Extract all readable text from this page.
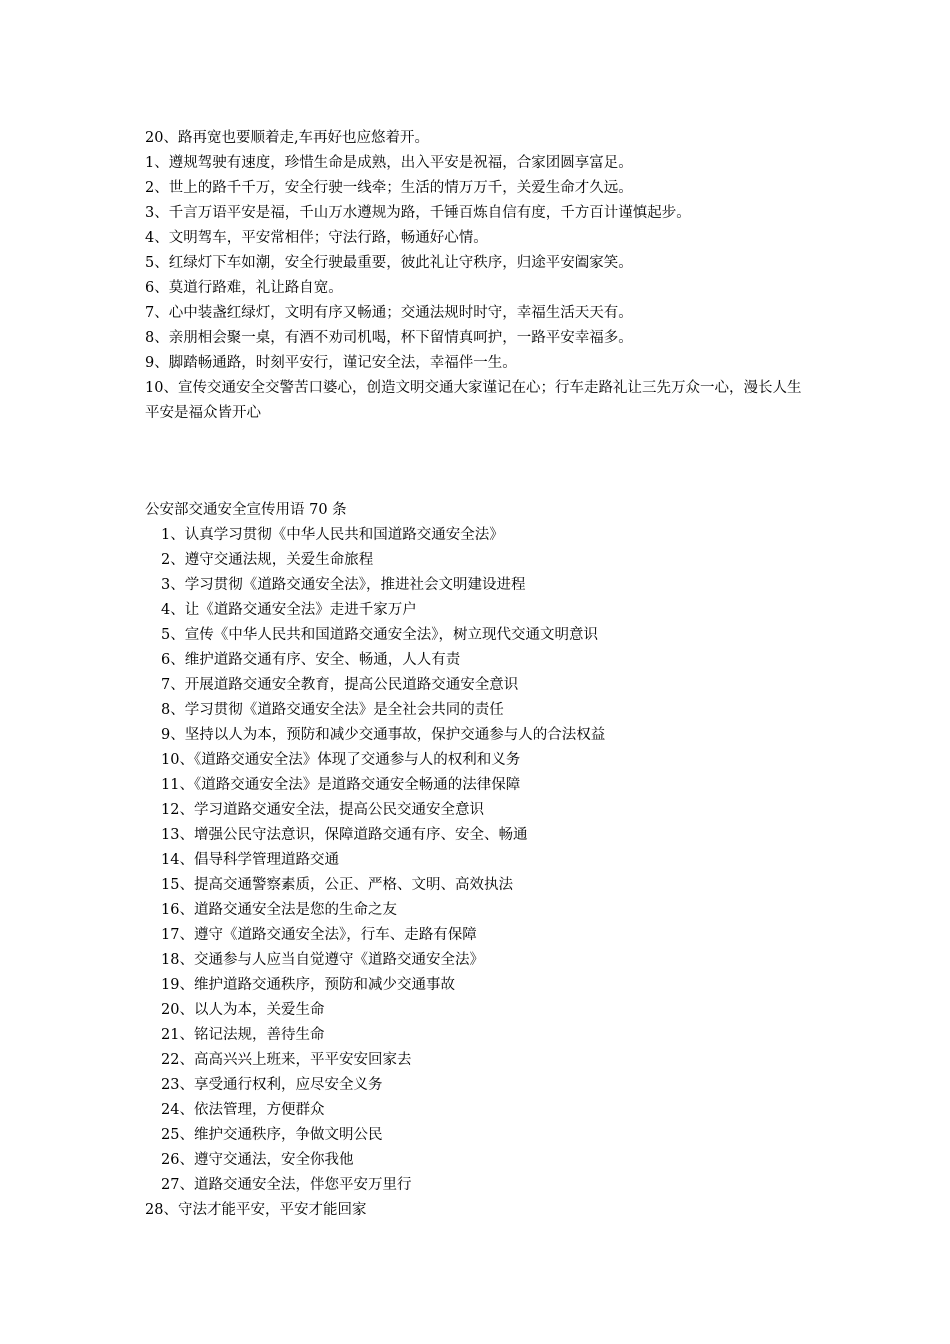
20、路再宽也要顺着走,车再好也应悠着开。
1、遵规驾驶有速度，珍惜生命是成熟，出入平安是祝福，合家团圆享富足。
2、世上的路千千万，安全行驶一线牵；生活的情万万千，关爱生命才久远。
3、千言万语平安是福，千山万水遵规为路，千锤百炼自信有度，千方百计谨慎起步。
4、文明驾车，平安常相伴；守法行路，畅通好心情。
5、红绿灯下车如潮，安全行驶最重要，彼此礼让守秩序，归途平安阖家笑。
6、莫道行路难，礼让路自宽。
7、心中装盏红绿灯，文明有序又畅通；交通法规时时守，幸福生活天天有。
8、亲朋相会聚一桌，有酒不劝司机喝，杯下留情真呵护，一路平安幸福多。
9、脚踏畅通路，时刻平安行，谨记安全法，幸福伴一生。
10、宣传交通安全交警苦口婆心，创造文明交通大家谨记在心；行车走路礼让三先万众一心，漫长人生平安是福众皆开心
公安部交通安全宣传用语 70 条
1、认真学习贯彻《中华人民共和国道路交通安全法》
2、遵守交通法规，关爱生命旅程
3、学习贯彻《道路交通安全法》，推进社会文明建设进程
4、让《道路交通安全法》走进千家万户
5、宣传《中华人民共和国道路交通安全法》，树立现代交通文明意识
6、维护道路交通有序、安全、畅通，人人有责
7、开展道路交通安全教育，提高公民道路交通安全意识
8、学习贯彻《道路交通安全法》是全社会共同的责任
9、坚持以人为本，预防和减少交通事故，保护交通参与人的合法权益
10、《道路交通安全法》体现了交通参与人的权利和义务
11、《道路交通安全法》是道路交通安全畅通的法律保障
12、学习道路交通安全法，提高公民交通安全意识
13、增强公民守法意识，保障道路交通有序、安全、畅通
14、倡导科学管理道路交通
15、提高交通警察素质，公正、严格、文明、高效执法
16、道路交通安全法是您的生命之友
17、遵守《道路交通安全法》，行车、走路有保障
18、交通参与人应当自觉遵守《道路交通安全法》
19、维护道路交通秩序，预防和减少交通事故
20、以人为本，关爱生命
21、铭记法规，善待生命
22、高高兴兴上班来，平平安安回家去
23、享受通行权利，应尽安全义务
24、依法管理，方便群众
25、维护交通秩序，争做文明公民
26、遵守交通法，安全你我他
27、道路交通安全法，伴您平安万里行
28、守法才能平安，平安才能回家
